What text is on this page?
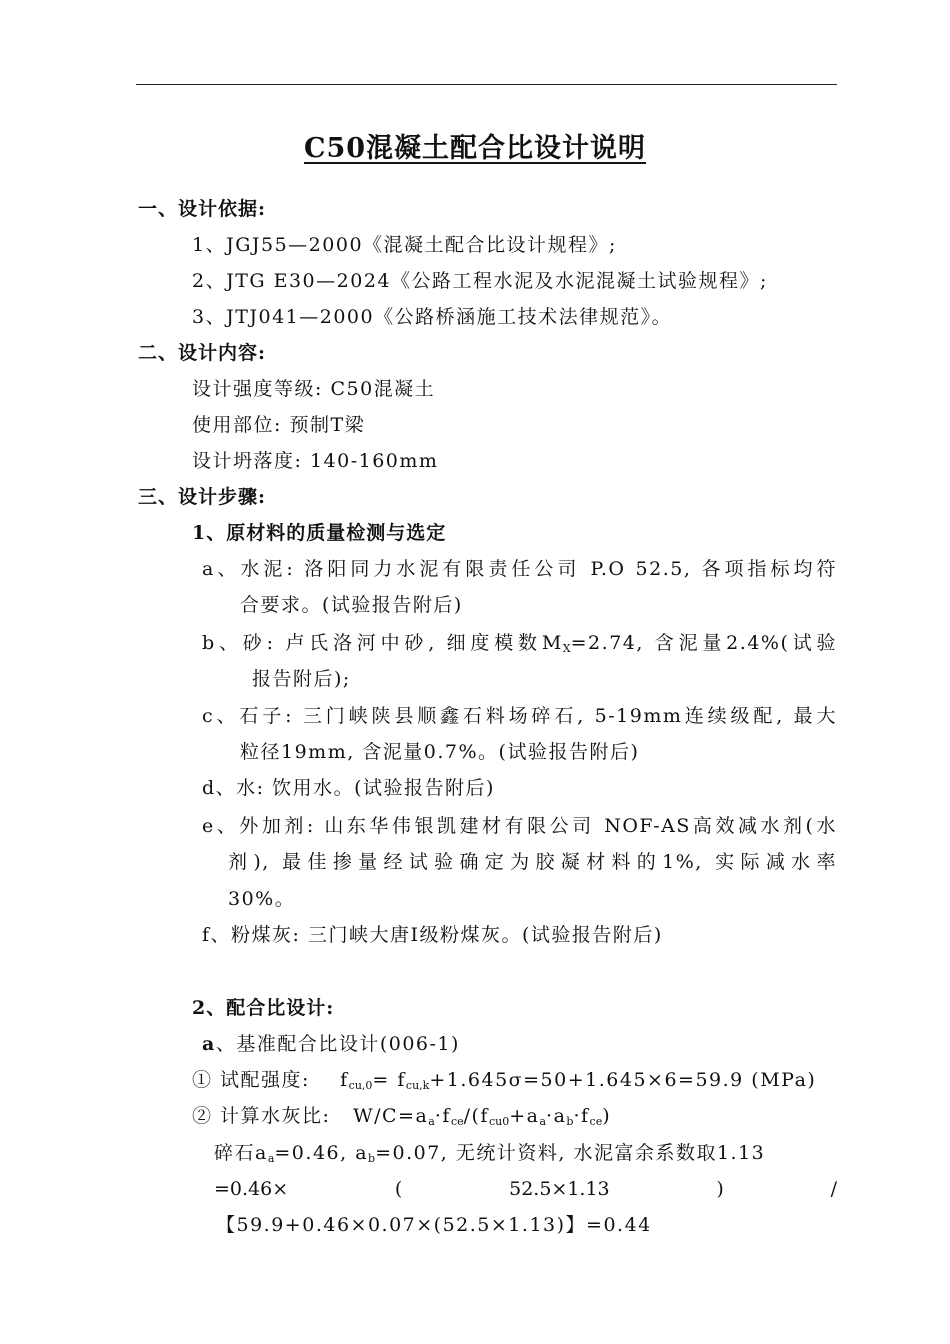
C50混凝土配合比设计说明
一、设计依据:
1、JGJ55—2000《混凝土配合比设计规程》;
2、JTG E30—2024《公路工程水泥及水泥混凝土试验规程》;
3、JTJ041—2000《公路桥涵施工技术法律规范》。
二、设计内容:
设计强度等级: C50混凝土
使用部位: 预制T梁
设计坍落度: 140-160mm
三、设计步骤:
1、原材料的质量检测与选定
a、水泥: 洛阳同力水泥有限责任公司 P.O 52.5, 各项指标均符
合要求。(试验报告附后)
b、砂: 卢氏洛河中砂, 细度模数$M_X=2.74$, 含泥量2.4%(试验
报告附后);
c、石子: 三门峡陕县顺鑫石料场碎石, 5-19mm连续级配, 最大
粒径19mm, 含泥量0.7%。(试验报告附后)
d、水: 饮用水。(试验报告附后)
e、外加剂: 山东华伟银凯建材有限公司 NOF-AS高效减水剂(水
剂), 最佳掺量经试验确定为胶凝材料的1%, 实际减水率
30%。
f、粉煤灰: 三门峡大唐Ⅰ级粉煤灰。(试验报告附后)
2、配合比设计:
a、基准配合比设计(006-1)
① 试配强度: $f_{cu,0}= f_{cu,k}+1.645\sigma=50+1.645\times 6=59.9$ (MPa)
② 计算水灰比: $W/C=a_a\cdot f_{ce}/(f_{cu0}+a_a\cdot a_b\cdot f_{ce})$
碎石$a_a=0.46$, $a_b=0.07$, 无统计资料, 水泥富余系数取1.13
=0.46×	(	52.5×1.13	)	/
【59.9+0.46×0.07×(52.5×1.13)】=0.44
